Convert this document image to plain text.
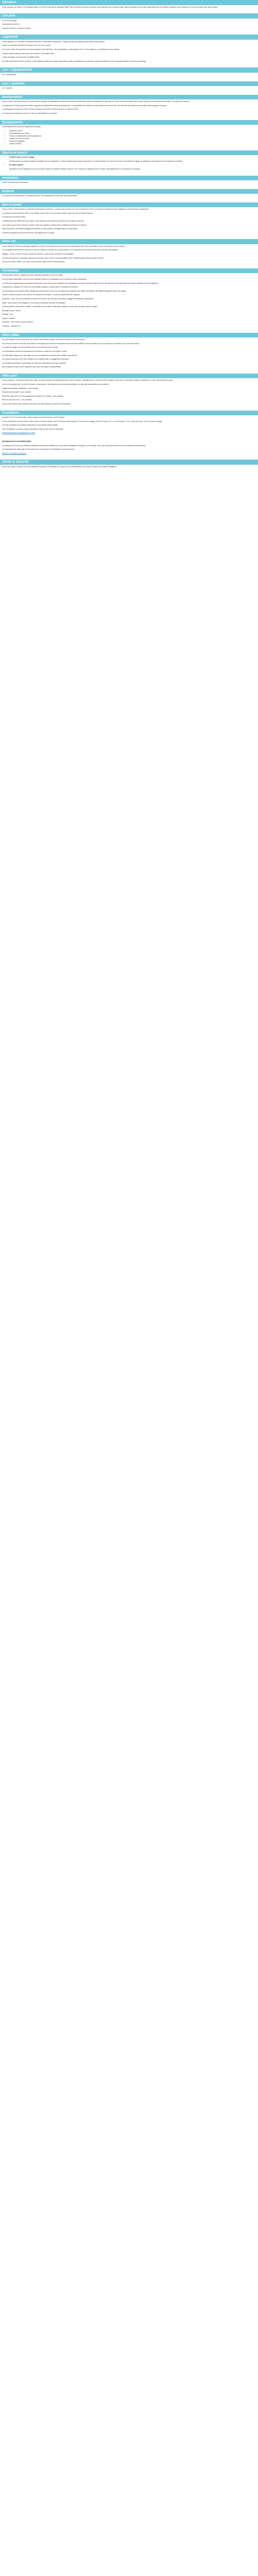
Situation

Petite commune de moins 14 000 habitants située à 10 km de Lille dans la métropole lilloise. Elle est située au Nord de la ville de Lille en direction de la frontière belge. Marcq-en-Barœul est une ville résidentielle avec de nombreux espaces verts et dispose de tous les services d'une ville moderne.

Les plus

À 100 m de la plage

Grand jardin de 1000 m²

Logement lumineux, moderne et calme.

Logement

L'hôtel dispose de 27 chambres entièrement rénovées, lumineuses et spacieuses. Chaque chambre est équipée d'une salle de bain privative.

Toutes les chambres disposent d'un balcon avec vue mer ou jardin.

Pour votre confort, les chambres sont toutes équipées d'une télévision, de la climatisation, du wifi gratuit, d'une TV, d'un coffre-fort, d'un téléphone et d'un minibar.

Chaque chambre dispose d'un bureau avec lampe et d'un fauteuil relax.

L'hôtel est adapté aux personnes à mobilité réduite.

Les tarifs comprennent la taxe de séjour, le petit-déjeuner buffet servi chaque matin dans la salle du restaurant ou en terrasse, le linge de toilette et de lit, le ménage quotidien et l'accès aux parkings.

Les + équipements

Les + équipements

Les + activités

Les + activités

Restauration

Dans le cadre d'une demi-pension ou d'une pension complète, le petit-déjeuner est servi sous forme de buffet dans la salle du restaurant. Le déjeuner et le dîner sont servis à table avec un menu unique du jour composé d'une entrée, d'un plat et d'un dessert.

Le restaurant de l'hôtel propose une cuisine régionale et traditionnelle à base de produits frais. Les spécialités de la maison sont les poissons et fruits de mer. Une carte des vins variée vous permettra d'accompagner vos repas.

Le petit-déjeuner est servi de 7h30 à 10h00, le déjeuner de 12h00 à 14h00 et le dîner de 19h00 à 21h30.

Les menus pour enfants de moins de 12 ans sont disponibles sur demande.

Equipements

L'hôtel dispose des services et équipements suivants :

• Réception 24h/24
• Wifi gratuit dans tout l'hôtel
• Service de blanchisserie (avec supplément)
• Location de vélos sur place
• Service de bagagerie
• Service médical
Sports et loisirs
• Compris dans le prix du voyage

L'hôtel propose une piscine extérieure chauffée de mai à septembre, un espace détente avec sauna et hammam, une salle de fitness et un terrain de tennis. Des activités de plage, de nautisme et de randonnée sont proposées à proximité.

• En option, payant

Massages et soins esthétiques au spa de l'hôtel, location de matériel nautique, sorties en mer, excursions organisées dans la région. Renseignements et réservations à la réception.

Animation

L'hôtel ne propose pas d'animations.

Enfants

Les enfants sont les bienvenus. Un lit bébé peut être mis à disposition sur demande, selon disponibilité.

Bon à savoir

Accès à l'hôtel : l'hôtel est situé à proximité des transports en commun. La gare la plus proche est à 2 km et l'aéroport à 25 km. Un service de navette peut être organisé sur demande (avec supplément).

Les arrivées se font à partir de 15h00 et les départs avant 11h00. En cas d'arrivée tardive, merci de prévenir l'hôtel à l'avance.

Les animaux ne sont pas admis.

L'établissement est entièrement non-fumeur. Il est interdit de fumer dans les chambres et les espaces communs.

Une caution pourra être demandée à l'arrivée. Elle sera restituée au départ après vérification de l'état de la chambre.

Tarifs réduits pour les enfants partageant la chambre de deux adultes. Renseignements à la réservation.

Certaines prestations peuvent être fermées ou modifiées selon la saison.

Infos vol

Vols au départ de Paris sur compagnie régulière ou charter. Les horaires de vols vous seront communiqués avec votre convocation environ une semaine avant le départ.

Les compagnies aériennes se réservent le droit de modifier les horaires de vol sans préavis. Ces modifications ne peuvent donner lieu à aucune indemnisation.

Bagages : 20 kg en soute et 5 kg en cabine par personne, sauf mention contraire de la compagnie.

Les taxes aéroport et la surcharge carburant sont incluses dans le prix et sont susceptibles d'être modifiées jusqu'à 30 jours avant le départ.

Tout vol non utilisé à l'aller ou au retour ne pourra faire l'objet d'aucun remboursement.

Formalités

Ressortissants français : passeport ou carte nationale d'identité en cours de validité.

Pour les autres nationalités, merci de vous renseigner auprès de l'ambassade ou du consulat du pays de destination.

Les mineurs voyageant sans leurs parents doivent être munis de leur pièce d'identité, d'une autorisation de sortie du territoire signée par l'un des parents et de la photocopie de la pièce d'identité du parent signataire.

Il appartient au voyageur de vérifier que les formalités requises correspondent à sa situation personnelle.

Les informations sont données à titre indicatif et peuvent évoluer. Nous vous conseillons de consulter le site officiel du Ministère des Affaires étrangères avant votre départ.

Conseil : pensez à emporter une copie de vos documents d'identité, à conserver séparément des originaux.

Assurance : nous vous recommandons vivement de souscrire une assurance annulation, bagages et assistance rapatriement.

Santé : aucun vaccin n'est obligatoire. Une trousse à pharmacie de base est conseillée.

Carte européenne d'assurance maladie : à demander à votre caisse d'assurance maladie au moins deux semaines avant le départ.

Décalage horaire : aucun.

Monnaie : euro.

Langue : français.

Électricité : 220 V, prises de type européen.

Téléphone : indicatif +33.

Infos utiles

Les tarifs indiqués sont par personne, sur la base d'une chambre double, hors frais de dossier et hors assurances.

Les prix sont calculés en fonction de données économiques au moment de l'impression et peuvent être modifiés en cas de variation du coût du transport, des taxes ou du cours des devises.

Le carnet de voyage vous sera adressé environ une semaine avant le départ.

Les réclamations doivent être adressées par écrit dans un délai d'un mois après le retour.

Les informations figurant sur cette page sont non contractuelles et peuvent être modifiées sans préavis.

Les photos présentées sont à titre indicatif et ne constituent pas un engagement contractuel.

Les conditions générales et particulières de vente sont disponibles sur simple demande.

Nos conseillers restent à votre disposition pour toute information complémentaire.

Infos prix

Le prix comprend : le transport aérien aller-retour, les taxes aéroport, les transferts aéroport / hôtel / aéroport, l'hébergement en chambre double standard, la formule de restauration indiquée, l'assistance de notre représentant sur place.

Le prix ne comprend pas : les frais de dossier, les assurances, les boissons, les excursions facultatives, les dépenses personnelles, les pourboires.

Supplément chambre individuelle : nous consulter.

Réduction 3ème adulte : nous consulter.

Réduction enfant de 2 à 12 ans partageant la chambre de 2 adultes : nous consulter.

Bébé de moins de 2 ans : nous consulter.

Les prix sont donnés à titre indicatif, sous réserve de disponibilité au moment de la réservation.

Conditions

Acompte de 30 % à la réservation, solde à régler au plus tard 30 jours avant le départ.

En cas d'annulation, des frais seront retenus selon le barème suivant : plus de 30 jours avant le départ, 25 % du prix du voyage ; de 30 à 21 jours, 50 % ; de 20 à 8 jours, 75 % ; moins de 8 jours, 100 % du prix du voyage.

Les frais de dossier et les primes d'assurance ne sont jamais remboursables.

Toute modification du dossier après confirmation entraînera des frais de modification.

conditions générales et particulières de vente

INFORMATIONS SUPPLÉMENTAIRES

Le voyageur est informé que certaines prestations peuvent être modifiées pour des raisons climatiques, techniques ou de sécurité, sans que cela puisse donner lieu à une quelconque indemnisation.

Les informations de cette page ont été mises à jour au moment de la publication et peuvent évoluer.

Ministère des Affaires étrangères

Santé et Sécurité

Avant votre départ, consultez les recommandations sanitaires et sécuritaires en vigueur pour votre destination sur le site du Ministère des Affaires étrangères.
